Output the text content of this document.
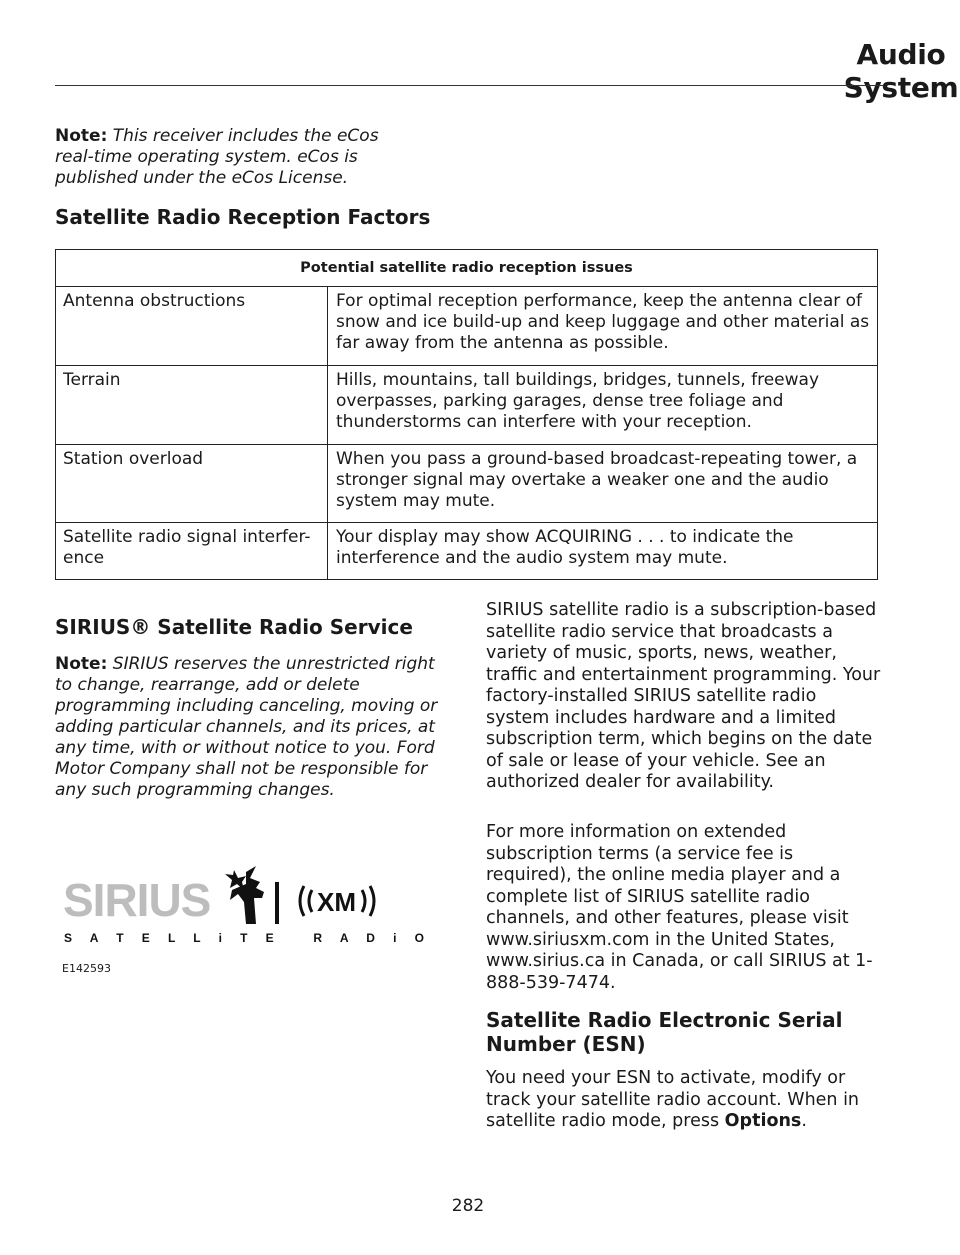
Audio System
Note: This receiver includes the eCos real-time operating system. eCos is published under the eCos License.
Satellite Radio Reception Factors
Potential satellite radio reception issues	
Antenna obstructions	For optimal reception performance, keep the antenna clear of snow and ice build-up and keep luggage and other material as far away from the antenna as possible.
Terrain	Hills, mountains, tall buildings, bridges, tunnels, freeway overpasses, parking garages, dense tree foliage and thunderstorms can interfere with your reception.
Station overload	When you pass a ground-based broadcast-repeating tower, a stronger signal may overtake a weaker one and the audio system may mute.
Satellite radio signal interfer-ence	Your display may show ACQUIRING . . . to indicate the interference and the audio system may mute.
SIRIUS® Satellite Radio Service
Note: SIRIUS reserves the unrestricted right to change, rearrange, add or delete programming including canceling, moving or adding particular channels, and its prices, at any time, with or without notice to you. Ford Motor Company shall not be responsible for any such programming changes.
SIRIUS	XM
S A T E L L i T E   R A D i O
E142593
SIRIUS satellite radio is a subscription-based satellite radio service that broadcasts a variety of music, sports, news, weather, traffic and entertainment programming. Your factory-installed SIRIUS satellite radio system includes hardware and a limited subscription term, which begins on the date of sale or lease of your vehicle. See an authorized dealer for availability.
For more information on extended subscription terms (a service fee is required), the online media player and a complete list of SIRIUS satellite radio channels, and other features, please visit www.siriusxm.com in the United States, www.sirius.ca in Canada, or call SIRIUS at 1-888-539-7474.
Satellite Radio Electronic Serial Number (ESN)
You need your ESN to activate, modify or track your satellite radio account. When in satellite radio mode, press Options.
282
